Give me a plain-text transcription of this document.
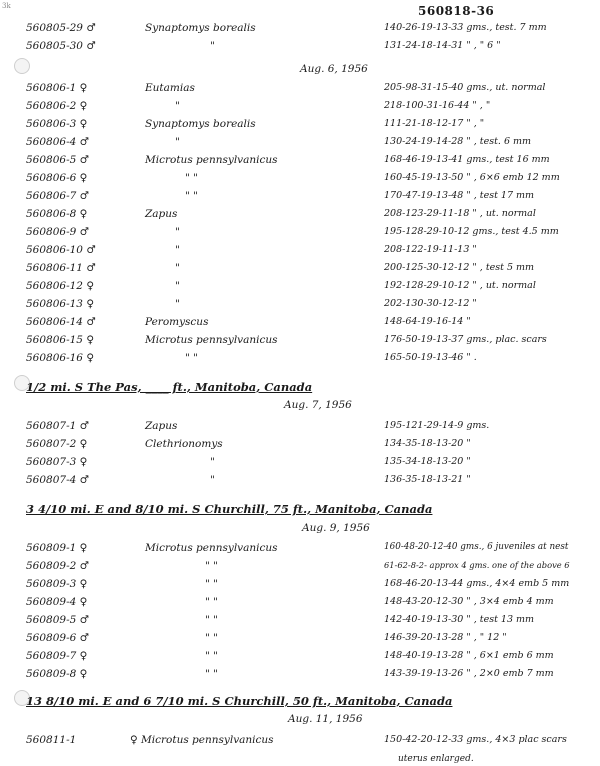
3k	560818-36
560805-29 ♂	Synaptomys borealis	140-26-19-13-33 gms., test. 7 mm
560805-30 ♂	"	131-24-18-14-31 " , " 6 "
Aug. 6, 1956
560806-1 ♀	Eutamias	205-98-31-15-40 gms., ut. normal
560806-2 ♀	"	218-100-31-16-44 " , "
560806-3 ♀	Synaptomys borealis	111-21-18-12-17 " , "
560806-4 ♂	"	130-24-19-14-28 " , test. 6 mm
560806-5 ♂	Microtus pennsylvanicus	168-46-19-13-41 gms., test 16 mm
560806-6 ♀	" "	160-45-19-13-50 " , 6×6 emb 12 mm
560806-7 ♂	" "	170-47-19-13-48 " , test 17 mm
560806-8 ♀	Zapus	208-123-29-11-18 " , ut. normal
560806-9 ♂	"	195-128-29-10-12 gms., test 4.5 mm
560806-10 ♂	"	208-122-19-11-13 "
560806-11 ♂	"	200-125-30-12-12 " , test 5 mm
560806-12 ♀	"	192-128-29-10-12 " , ut. normal
560806-13 ♀	"	202-130-30-12-12 "
560806-14 ♂	Peromyscus	148-64-19-16-14 "
560806-15 ♀	Microtus pennsylvanicus	176-50-19-13-37 gms., plac. scars
560806-16 ♀	" "	165-50-19-13-46 " .
1/2 mi. S The Pas, ____ ft., Manitoba, Canada
Aug. 7, 1956
560807-1 ♂	Zapus	195-121-29-14-9 gms.
560807-2 ♀	Clethrionomys	134-35-18-13-20 "
560807-3 ♀	"	135-34-18-13-20 "
560807-4 ♂	"	136-35-18-13-21 "
3 4/10 mi. E and 8/10 mi. S Churchill, 75 ft., Manitoba, Canada
Aug. 9, 1956
560809-1 ♀	Microtus pennsylvanicus	160-48-20-12-40 gms., 6 juveniles at nest
560809-2 ♂	" "	61-62-8-2- approx 4 gms. one of the above 6
560809-3 ♀	" "	168-46-20-13-44 gms., 4×4 emb 5 mm
560809-4 ♀	" "	148-43-20-12-30 " , 3×4 emb 4 mm
560809-5 ♂	" "	142-40-19-13-30 " , test 13 mm
560809-6 ♂	" "	146-39-20-13-28 " , " 12 "
560809-7 ♀	" "	148-40-19-13-28 " , 6×1 emb 6 mm
560809-8 ♀	" "	143-39-19-13-26 " , 2×0 emb 7 mm
13 8/10 mi. E and 6 7/10 mi. S Churchill, 50 ft., Manitoba, Canada
Aug. 11, 1956
560811-1	♀ Microtus pennsylvanicus	150-42-20-12-33 gms., 4×3 plac scars
uterus enlarged.
